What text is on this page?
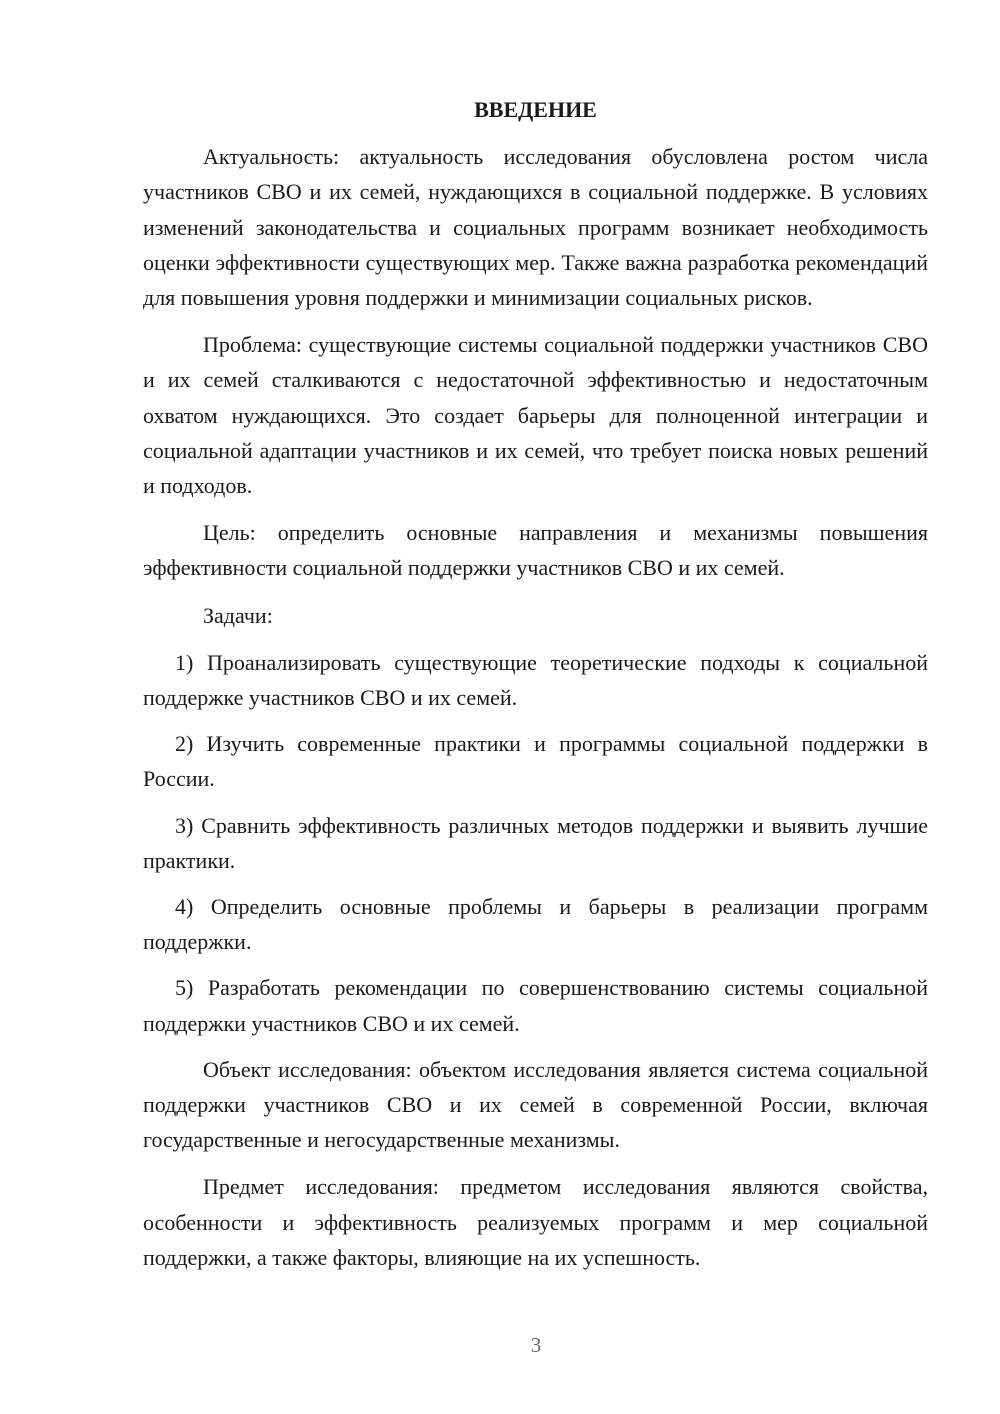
ВВЕДЕНИЕ

Актуальность: актуальность исследования обусловлена ростом числа участников СВО и их семей, нуждающихся в социальной поддержке. В условиях изменений законодательства и социальных программ возникает необходимость оценки эффективности существующих мер. Также важна разработка рекомендаций для повышения уровня поддержки и минимизации социальных рисков.

Проблема: существующие системы социальной поддержки участников СВО и их семей сталкиваются с недостаточной эффективностью и недостаточным охватом нуждающихся. Это создает барьеры для полноценной интеграции и социальной адаптации участников и их семей, что требует поиска новых решений и подходов.

Цель: определить основные направления и механизмы повышения эффективности социальной поддержки участников СВО и их семей.

Задачи:

1) Проанализировать существующие теоретические подходы к социальной поддержке участников СВО и их семей.

2) Изучить современные практики и программы социальной поддержки в России.

3) Сравнить эффективность различных методов поддержки и выявить лучшие практики.

4) Определить основные проблемы и барьеры в реализации программ поддержки.

5) Разработать рекомендации по совершенствованию системы социальной поддержки участников СВО и их семей.

Объект исследования: объектом исследования является система социальной поддержки участников СВО и их семей в современной России, включая государственные и негосударственные механизмы.

Предмет исследования: предметом исследования являются свойства, особенности и эффективность реализуемых программ и мер социальной поддержки, а также факторы, влияющие на их успешность.

3
